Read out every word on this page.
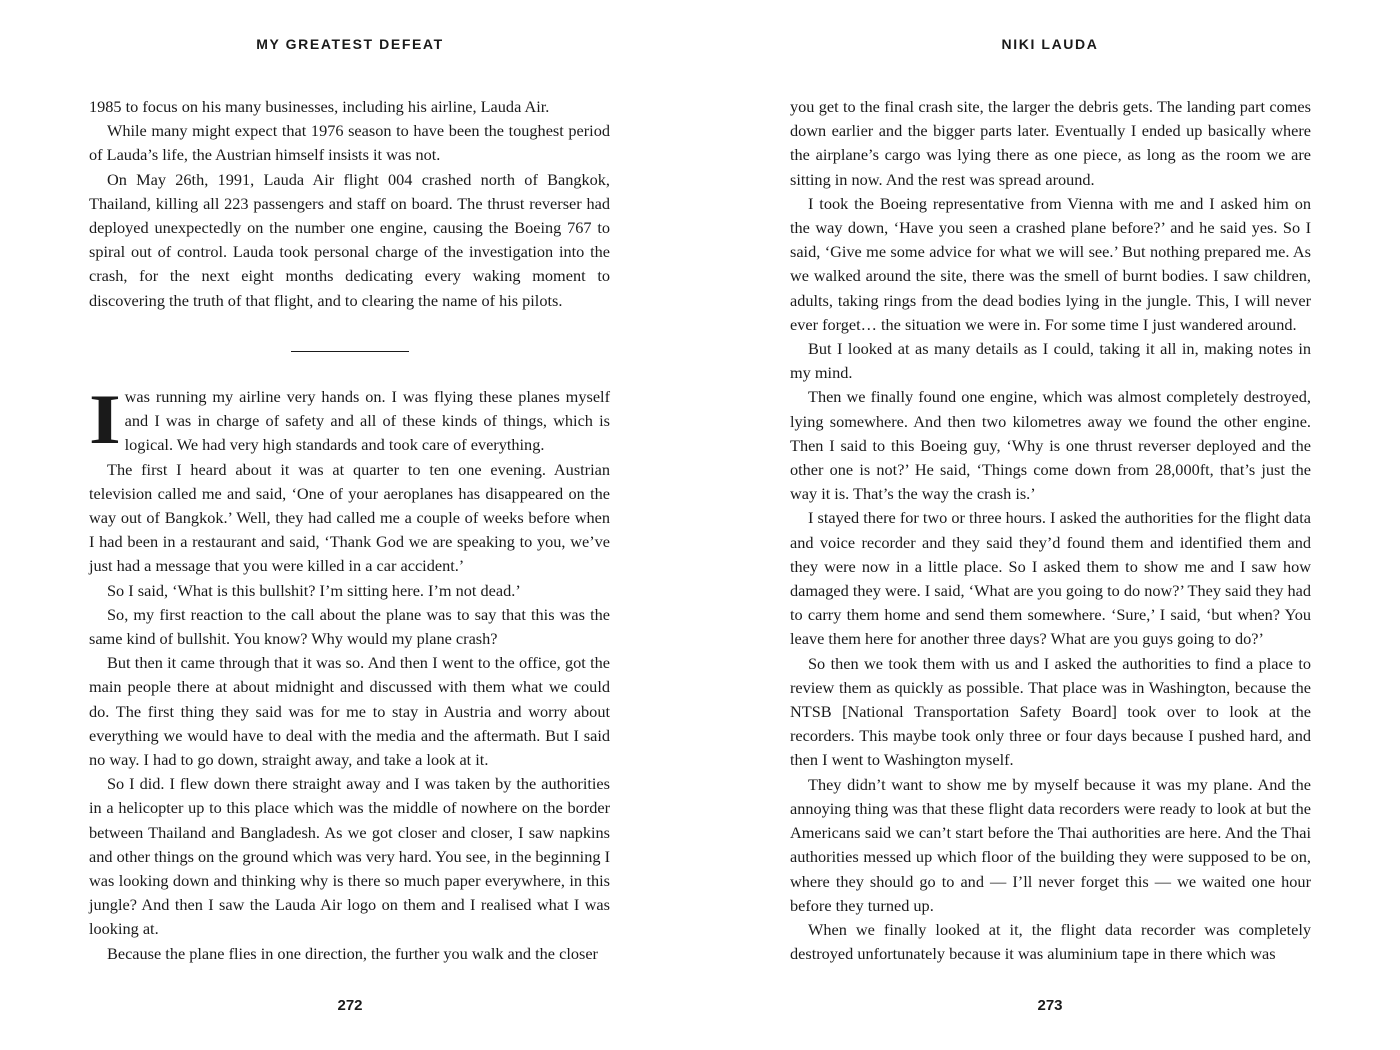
MY GREATEST DEFEAT

1985 to focus on his many businesses, including his airline, Lauda Air.

While many might expect that 1976 season to have been the toughest period of Lauda’s life, the Austrian himself insists it was not.

On May 26th, 1991, Lauda Air flight 004 crashed north of Bangkok, Thailand, killing all 223 passengers and staff on board. The thrust reverser had deployed unexpectedly on the number one engine, causing the Boeing 767 to spiral out of control. Lauda took personal charge of the investigation into the crash, for the next eight months dedicating every waking moment to discovering the truth of that flight, and to clearing the name of his pilots.

I was running my airline very hands on. I was flying these planes myself and I was in charge of safety and all of these kinds of things, which is logical. We had very high standards and took care of everything.

The first I heard about it was at quarter to ten one evening. Austrian television called me and said, ‘One of your aeroplanes has disappeared on the way out of Bangkok.’ Well, they had called me a couple of weeks before when I had been in a restaurant and said, ‘Thank God we are speaking to you, we’ve just had a message that you were killed in a car accident.’

So I said, ‘What is this bullshit? I’m sitting here. I’m not dead.’

So, my first reaction to the call about the plane was to say that this was the same kind of bullshit. You know? Why would my plane crash?

But then it came through that it was so. And then I went to the office, got the main people there at about midnight and discussed with them what we could do. The first thing they said was for me to stay in Austria and worry about everything we would have to deal with the media and the aftermath. But I said no way. I had to go down, straight away, and take a look at it.

So I did. I flew down there straight away and I was taken by the authorities in a helicopter up to this place which was the middle of nowhere on the border between Thailand and Bangladesh. As we got closer and closer, I saw napkins and other things on the ground which was very hard. You see, in the beginning I was looking down and thinking why is there so much paper everywhere, in this jungle? And then I saw the Lauda Air logo on them and I realised what I was looking at.

Because the plane flies in one direction, the further you walk and the closer

272
NIKI LAUDA

you get to the final crash site, the larger the debris gets. The landing part comes down earlier and the bigger parts later. Eventually I ended up basically where the airplane’s cargo was lying there as one piece, as long as the room we are sitting in now. And the rest was spread around.

I took the Boeing representative from Vienna with me and I asked him on the way down, ‘Have you seen a crashed plane before?’ and he said yes. So I said, ‘Give me some advice for what we will see.’ But nothing prepared me. As we walked around the site, there was the smell of burnt bodies. I saw children, adults, taking rings from the dead bodies lying in the jungle. This, I will never ever forget… the situation we were in. For some time I just wandered around.

But I looked at as many details as I could, taking it all in, making notes in my mind.

Then we finally found one engine, which was almost completely destroyed, lying somewhere. And then two kilometres away we found the other engine. Then I said to this Boeing guy, ‘Why is one thrust reverser deployed and the other one is not?’ He said, ‘Things come down from 28,000ft, that’s just the way it is. That’s the way the crash is.’

I stayed there for two or three hours. I asked the authorities for the flight data and voice recorder and they said they’d found them and identified them and they were now in a little place. So I asked them to show me and I saw how damaged they were. I said, ‘What are you going to do now?’ They said they had to carry them home and send them somewhere. ‘Sure,’ I said, ‘but when? You leave them here for another three days? What are you guys going to do?’

So then we took them with us and I asked the authorities to find a place to review them as quickly as possible. That place was in Washington, because the NTSB [National Transportation Safety Board] took over to look at the recorders. This maybe took only three or four days because I pushed hard, and then I went to Washington myself.

They didn’t want to show me by myself because it was my plane. And the annoying thing was that these flight data recorders were ready to look at but the Americans said we can’t start before the Thai authorities are here. And the Thai authorities messed up which floor of the building they were supposed to be on, where they should go to and — I’ll never forget this — we waited one hour before they turned up.

When we finally looked at it, the flight data recorder was completely destroyed unfortunately because it was aluminium tape in there which was

273
